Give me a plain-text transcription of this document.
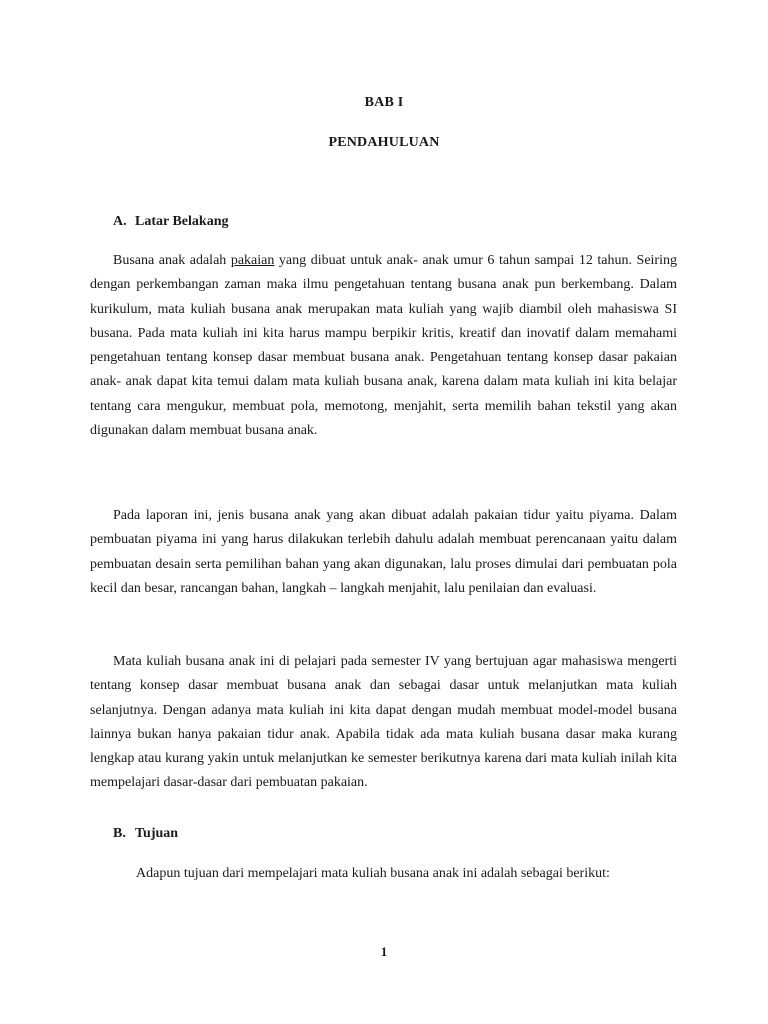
BAB I
PENDAHULUAN
A. Latar Belakang

Busana anak adalah pakaian yang dibuat untuk anak- anak umur 6 tahun sampai 12 tahun. Seiring dengan perkembangan zaman maka ilmu pengetahuan tentang busana anak pun berkembang. Dalam kurikulum, mata kuliah busana anak merupakan mata kuliah yang wajib diambil oleh mahasiswa SI busana. Pada mata kuliah ini kita harus mampu berpikir kritis, kreatif dan inovatif dalam memahami pengetahuan tentang konsep dasar membuat busana anak. Pengetahuan tentang konsep dasar pakaian anak- anak dapat kita temui dalam mata kuliah busana anak, karena dalam mata kuliah ini kita belajar tentang cara mengukur, membuat pola, memotong, menjahit, serta memilih bahan tekstil yang akan digunakan dalam membuat busana anak.

Pada laporan ini, jenis busana anak yang akan dibuat adalah pakaian tidur yaitu piyama. Dalam pembuatan piyama ini yang harus dilakukan terlebih dahulu adalah membuat perencanaan yaitu dalam pembuatan desain serta pemilihan bahan yang akan digunakan, lalu proses dimulai dari pembuatan pola kecil dan besar, rancangan bahan, langkah – langkah menjahit, lalu penilaian dan evaluasi.

Mata kuliah busana anak ini di pelajari pada semester IV yang bertujuan agar mahasiswa mengerti tentang konsep dasar membuat busana anak dan sebagai dasar untuk melanjutkan mata kuliah selanjutnya. Dengan adanya mata kuliah ini kita dapat dengan mudah membuat model-model busana lainnya bukan hanya pakaian tidur anak. Apabila tidak ada mata kuliah busana dasar maka kurang lengkap atau kurang yakin untuk melanjutkan ke semester berikutnya karena dari mata kuliah inilah kita mempelajari dasar-dasar dari pembuatan pakaian.

B. Tujuan

Adapun tujuan dari mempelajari mata kuliah busana anak ini adalah sebagai berikut:

1
